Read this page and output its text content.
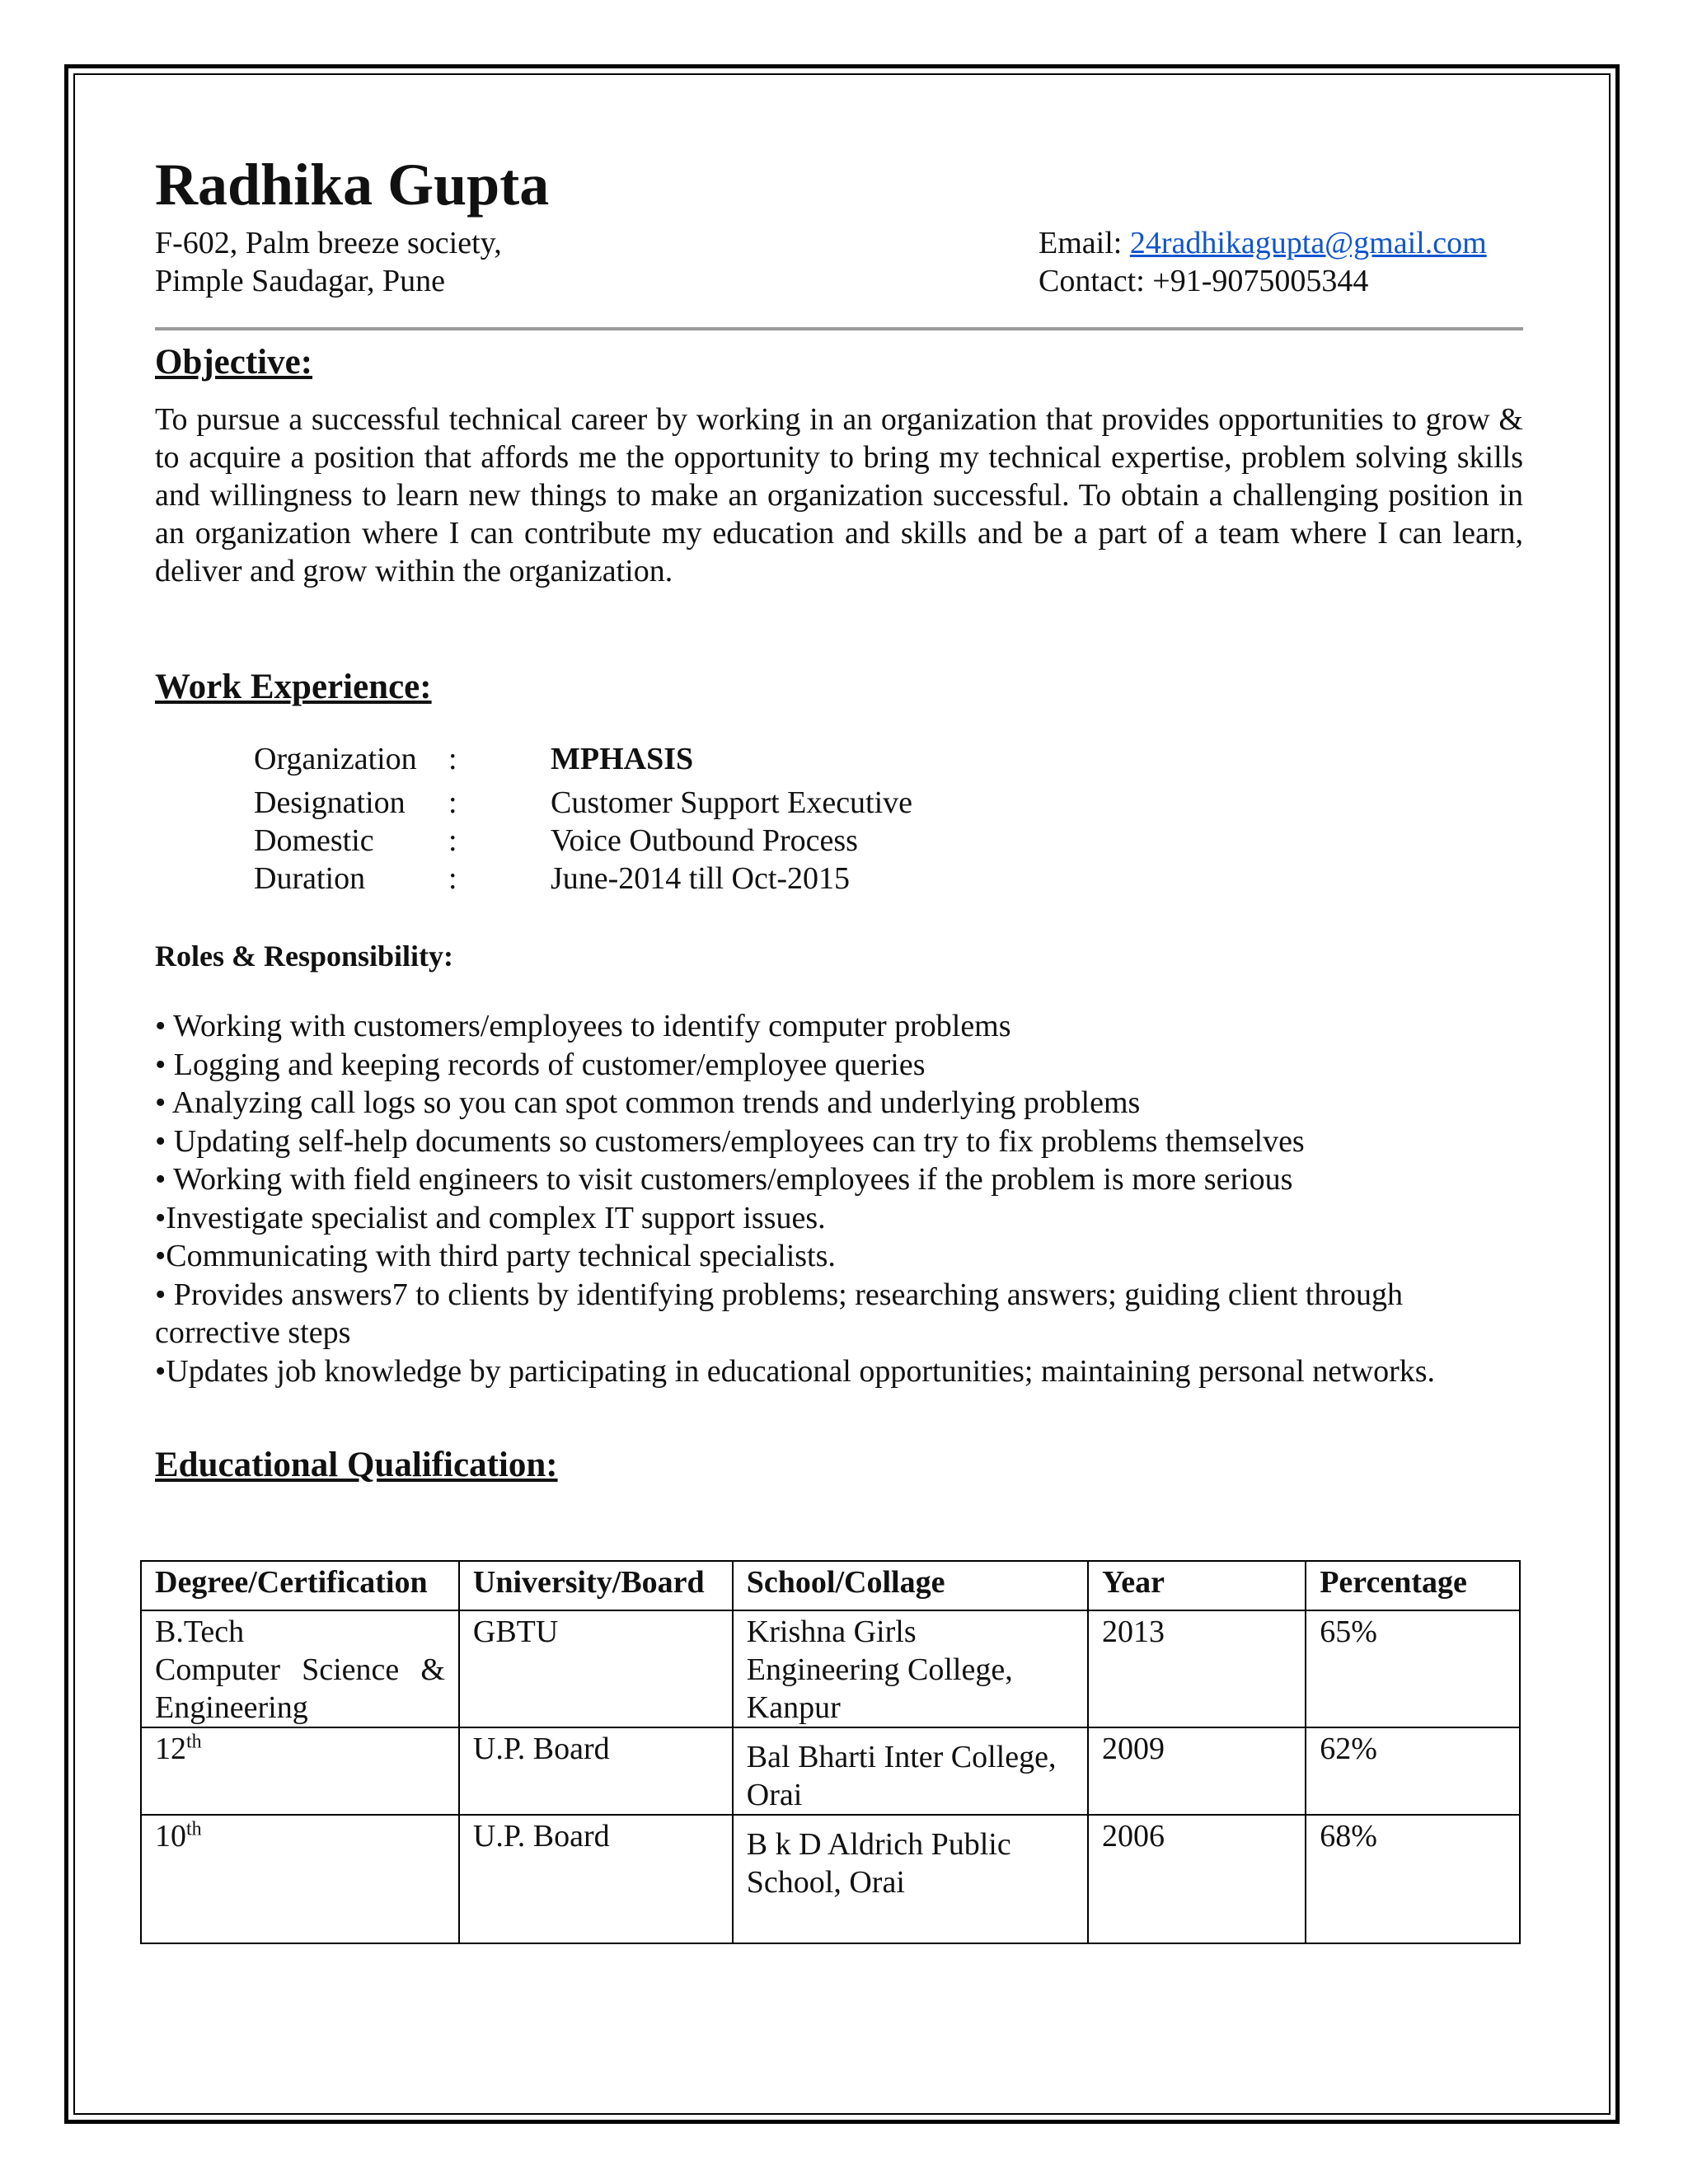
Radhika Gupta
F-602, Palm breeze society,
Pimple Saudagar, Pune
Email: 24radhikagupta@gmail.com
Contact: +91-9075005344
Objective:
To pursue a successful technical career by working in an organization that provides opportunities to grow & to acquire a position that affords me the opportunity to bring my technical expertise, problem solving skills and willingness to learn new things to make an organization successful. To obtain a challenging position in an organization where I can contribute my education and skills and be a part of a team where I can learn, deliver and grow within the organization.
Work Experience:
Organization :	MPHASIS
Designation :	Customer Support Executive
Domestic :	Voice Outbound Process
Duration	:	June-2014 till Oct-2015
Roles & Responsibility:
• Working with customers/employees to identify computer problems
• Logging and keeping records of customer/employee queries
• Analyzing call logs so you can spot common trends and underlying problems
• Updating self-help documents so customers/employees can try to fix problems themselves
• Working with field engineers to visit customers/employees if the problem is more serious
•Investigate specialist and complex IT support issues.
•Communicating with third party technical specialists.
• Provides answers7 to clients by identifying problems; researching answers; guiding client through corrective steps
•Updates job knowledge by participating in educational opportunities; maintaining personal networks.
Educational Qualification:
Degree/Certification	University/Board	School/Collage	Year	Percentage

B.Tech
Computer Science & Engineering	GBTU	Krishna Girls Engineering College, Kanpur	2013	65%
12th	U.P. Board	Bal Bharti Inter College, Orai	2009	62%
10th	U.P. Board	B k D Aldrich Public School, Orai	2006	68%
